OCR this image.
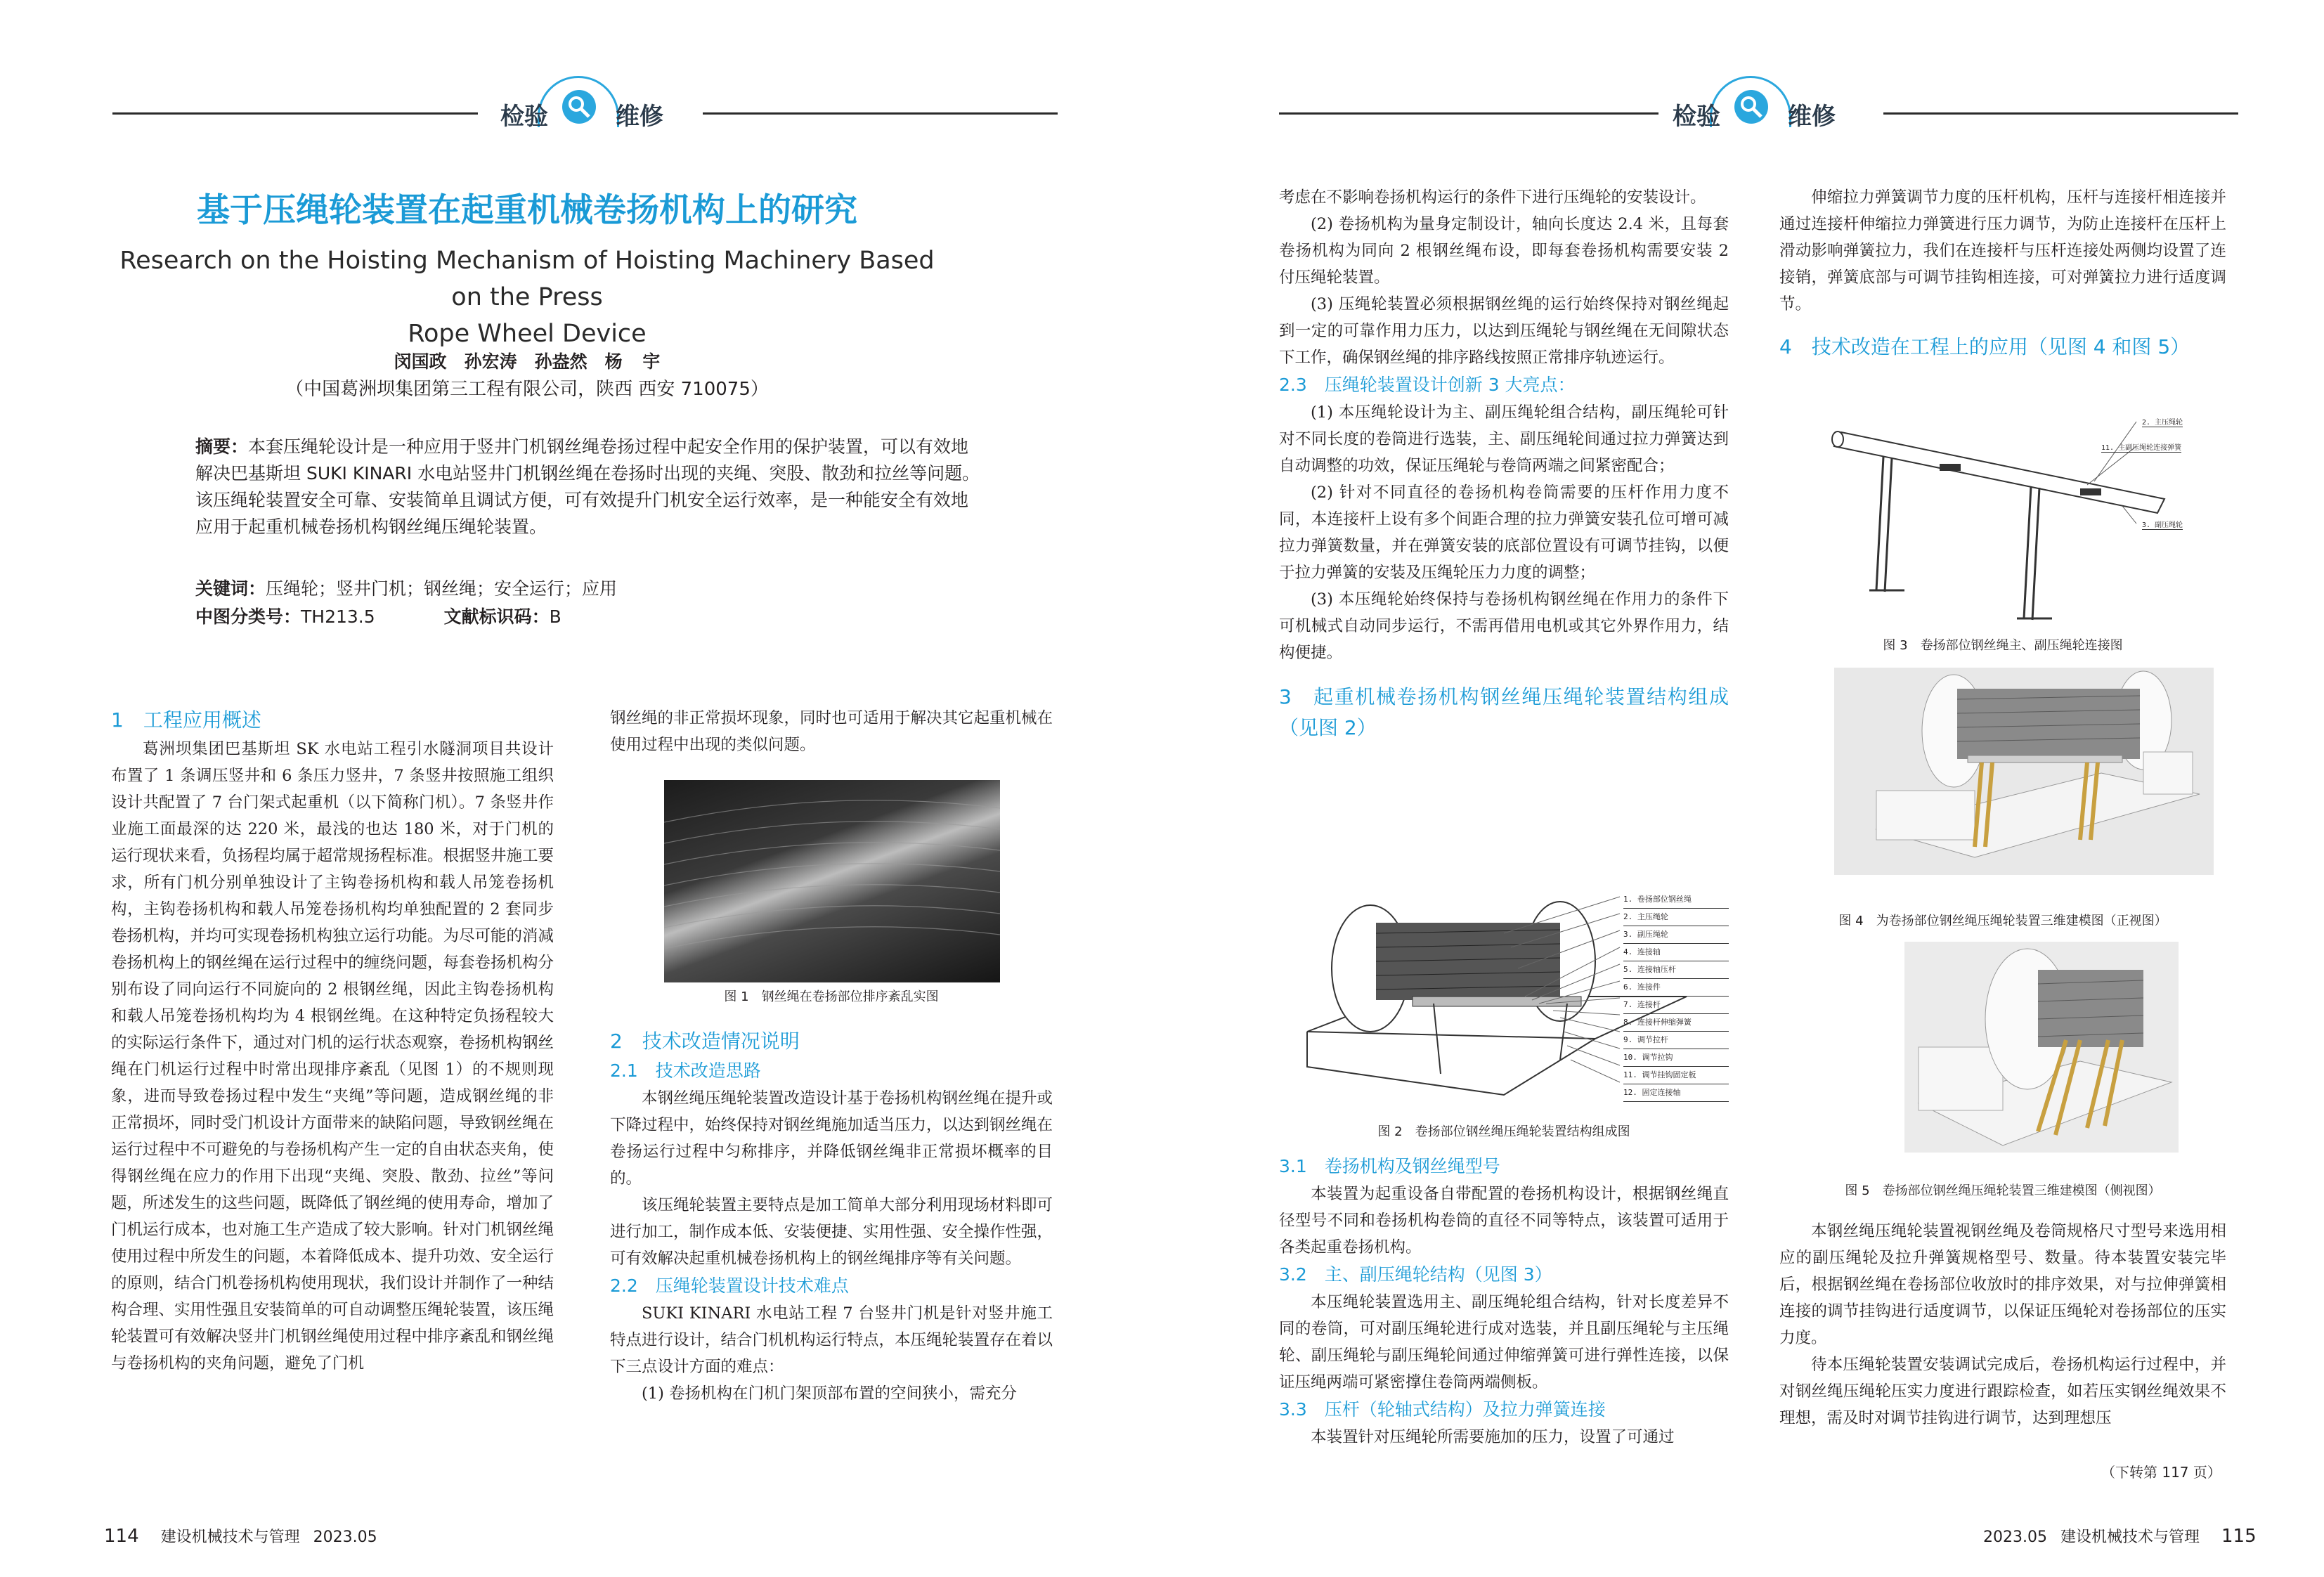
检验	维修	检验	维修
基于压绳轮装置在起重机械卷扬机构上的研究
Research on the Hoisting Mechanism of Hoisting Machinery Based on the Press
Rope Wheel Device
闵国政　孙宏涛　孙盎然　杨 宇
（中国葛洲坝集团第三工程有限公司，陕西 西安 710075）
摘要：本套压绳轮设计是一种应用于竖井门机钢丝绳卷扬过程中起安全作用的保护装置，可以有效地解决巴基斯坦 SUKI KINARI 水电站竖井门机钢丝绳在卷扬时出现的夹绳、突股、散劲和拉丝等问题。该压绳轮装置安全可靠、安装简单且调试方便，可有效提升门机安全运行效率，是一种能安全有效地应用于起重机械卷扬机构钢丝绳压绳轮装置。
关键词：压绳轮；竖井门机；钢丝绳；安全运行；应用
中图分类号：TH213.5	文献标识码：B

1　工程应用概述

葛洲坝集团巴基斯坦 SK 水电站工程引水隧洞项目共设计布置了 1 条调压竖井和 6 条压力竖井，7 条竖井按照施工组织设计共配置了 7 台门架式起重机（以下简称门机）。7 条竖井作业施工面最深的达 220 米，最浅的也达 180 米，对于门机的运行现状来看，负扬程均属于超常规扬程标准。根据竖井施工要求，所有门机分别单独设计了主钩卷扬机构和载人吊笼卷扬机构，主钩卷扬机构和载人吊笼卷扬机构均单独配置的 2 套同步卷扬机构，并均可实现卷扬机构独立运行功能。为尽可能的消减卷扬机构上的钢丝绳在运行过程中的缠绕问题，每套卷扬机构分别布设了同向运行不同旋向的 2 根钢丝绳，因此主钩卷扬机构和载人吊笼卷扬机构均为 4 根钢丝绳。在这种特定负扬程较大的实际运行条件下，通过对门机的运行状态观察，卷扬机构钢丝绳在门机运行过程中时常出现排序紊乱（见图 1）的不规则现象，进而导致卷扬过程中发生“夹绳”等问题，造成钢丝绳的非正常损坏，同时受门机设计方面带来的缺陷问题，导致钢丝绳在运行过程中不可避免的与卷扬机构产生一定的自由状态夹角，使得钢丝绳在应力的作用下出现“夹绳、突股、散劲、拉丝”等问题，所述发生的这些问题，既降低了钢丝绳的使用寿命，增加了门机运行成本，也对施工生产造成了较大影响。针对门机钢丝绳使用过程中所发生的问题，本着降低成本、提升功效、安全运行的原则，结合门机卷扬机构使用现状，我们设计并制作了一种结构合理、实用性强且安装简单的可自动调整压绳轮装置，该压绳轮装置可有效解决竖井门机钢丝绳使用过程中排序紊乱和钢丝绳与卷扬机构的夹角问题，避免了门机

钢丝绳的非正常损坏现象，同时也可适用于解决其它起重机械在使用过程中出现的类似问题。

图 1　钢丝绳在卷扬部位排序紊乱实图

2　技术改造情况说明

2.1　技术改造思路

本钢丝绳压绳轮装置改造设计基于卷扬机构钢丝绳在提升或下降过程中，始终保持对钢丝绳施加适当压力，以达到钢丝绳在卷扬运行过程中匀称排序，并降低钢丝绳非正常损坏概率的目的。

该压绳轮装置主要特点是加工简单大部分利用现场材料即可进行加工，制作成本低、安装便捷、实用性强、安全操作性强，可有效解决起重机械卷扬机构上的钢丝绳排序等有关问题。

2.2　压绳轮装置设计技术难点

SUKI KINARI 水电站工程 7 台竖井门机是针对竖井施工特点进行设计，结合门机机构运行特点，本压绳轮装置存在着以下三点设计方面的难点：

(1) 卷扬机构在门机门架顶部布置的空间狭小，需充分

考虑在不影响卷扬机构运行的条件下进行压绳轮的安装设计。

(2) 卷扬机构为量身定制设计，轴向长度达 2.4 米，且每套卷扬机构为同向 2 根钢丝绳布设，即每套卷扬机构需要安装 2 付压绳轮装置。

(3) 压绳轮装置必须根据钢丝绳的运行始终保持对钢丝绳起到一定的可靠作用力压力，以达到压绳轮与钢丝绳在无间隙状态下工作，确保钢丝绳的排序路线按照正常排序轨迹运行。

2.3　压绳轮装置设计创新 3 大亮点：

(1) 本压绳轮设计为主、副压绳轮组合结构，副压绳轮可针对不同长度的卷筒进行选装，主、副压绳轮间通过拉力弹簧达到自动调整的功效，保证压绳轮与卷筒两端之间紧密配合；

(2) 针对不同直径的卷扬机构卷筒需要的压杆作用力度不同，本连接杆上设有多个间距合理的拉力弹簧安装孔位可增可减拉力弹簧数量，并在弹簧安装的底部位置设有可调节挂钩，以便于拉力弹簧的安装及压绳轮压力力度的调整；

(3) 本压绳轮始终保持与卷扬机构钢丝绳在作用力的条件下可机械式自动同步运行，不需再借用电机或其它外界作用力，结构便捷。

3　起重机械卷扬机构钢丝绳压绳轮装置结构组成（见图 2）

1. 卷扬部位钢丝绳
2. 主压绳轮
3. 副压绳轮
4. 连接轴
5. 连接轴压杆
6. 连接件
7. 连接杆
8. 连接杆伸缩弹簧
9. 调节拉杆
10. 调节拉钩
11. 调节挂钩固定板
12. 固定连接轴
图 2　卷扬部位钢丝绳压绳轮装置结构组成图

3.1　卷扬机构及钢丝绳型号

本装置为起重设备自带配置的卷扬机构设计，根据钢丝绳直径型号不同和卷扬机构卷筒的直径不同等特点，该装置可适用于各类起重卷扬机构。

3.2　主、副压绳轮结构（见图 3）

本压绳轮装置选用主、副压绳轮组合结构，针对长度差异不同的卷筒，可对副压绳轮进行成对选装，并且副压绳轮与主压绳轮、副压绳轮与副压绳轮间通过伸缩弹簧可进行弹性连接，以保证压绳两端可紧密撑住卷筒两端侧板。

3.3　压杆（轮轴式结构）及拉力弹簧连接

本装置针对压绳轮所需要施加的压力，设置了可通过

伸缩拉力弹簧调节力度的压杆机构，压杆与连接杆相连接并通过连接杆伸缩拉力弹簧进行压力调节，为防止连接杆在压杆上滑动影响弹簧拉力，我们在连接杆与压杆连接处两侧均设置了连接销，弹簧底部与可调节挂钩相连接，可对弹簧拉力进行适度调节。

4　技术改造在工程上的应用（见图 4 和图 5）

2. 主压绳轮
11. 主副压绳轮连接弹簧
3. 副压绳轮
图 3　卷扬部位钢丝绳主、副压绳轮连接图
图 4　为卷扬部位钢丝绳压绳轮装置三维建模图（正视图）
图 5　卷扬部位钢丝绳压绳轮装置三维建模图（侧视图）

本钢丝绳压绳轮装置视钢丝绳及卷筒规格尺寸型号来选用相应的副压绳轮及拉升弹簧规格型号、数量。待本装置安装完毕后，根据钢丝绳在卷扬部位收放时的排序效果，对与拉伸弹簧相连接的调节挂钩进行适度调节，以保证压绳轮对卷扬部位的压实力度。

待本压绳轮装置安装调试完成后，卷扬机构运行过程中，并对钢丝绳压绳轮压实力度进行跟踪检查，如若压实钢丝绳效果不理想，需及时对调节挂钩进行调节，达到理想压

（下转第 117 页）
114 建设机械技术与管理 2023.05	2023.05 建设机械技术与管理 115
